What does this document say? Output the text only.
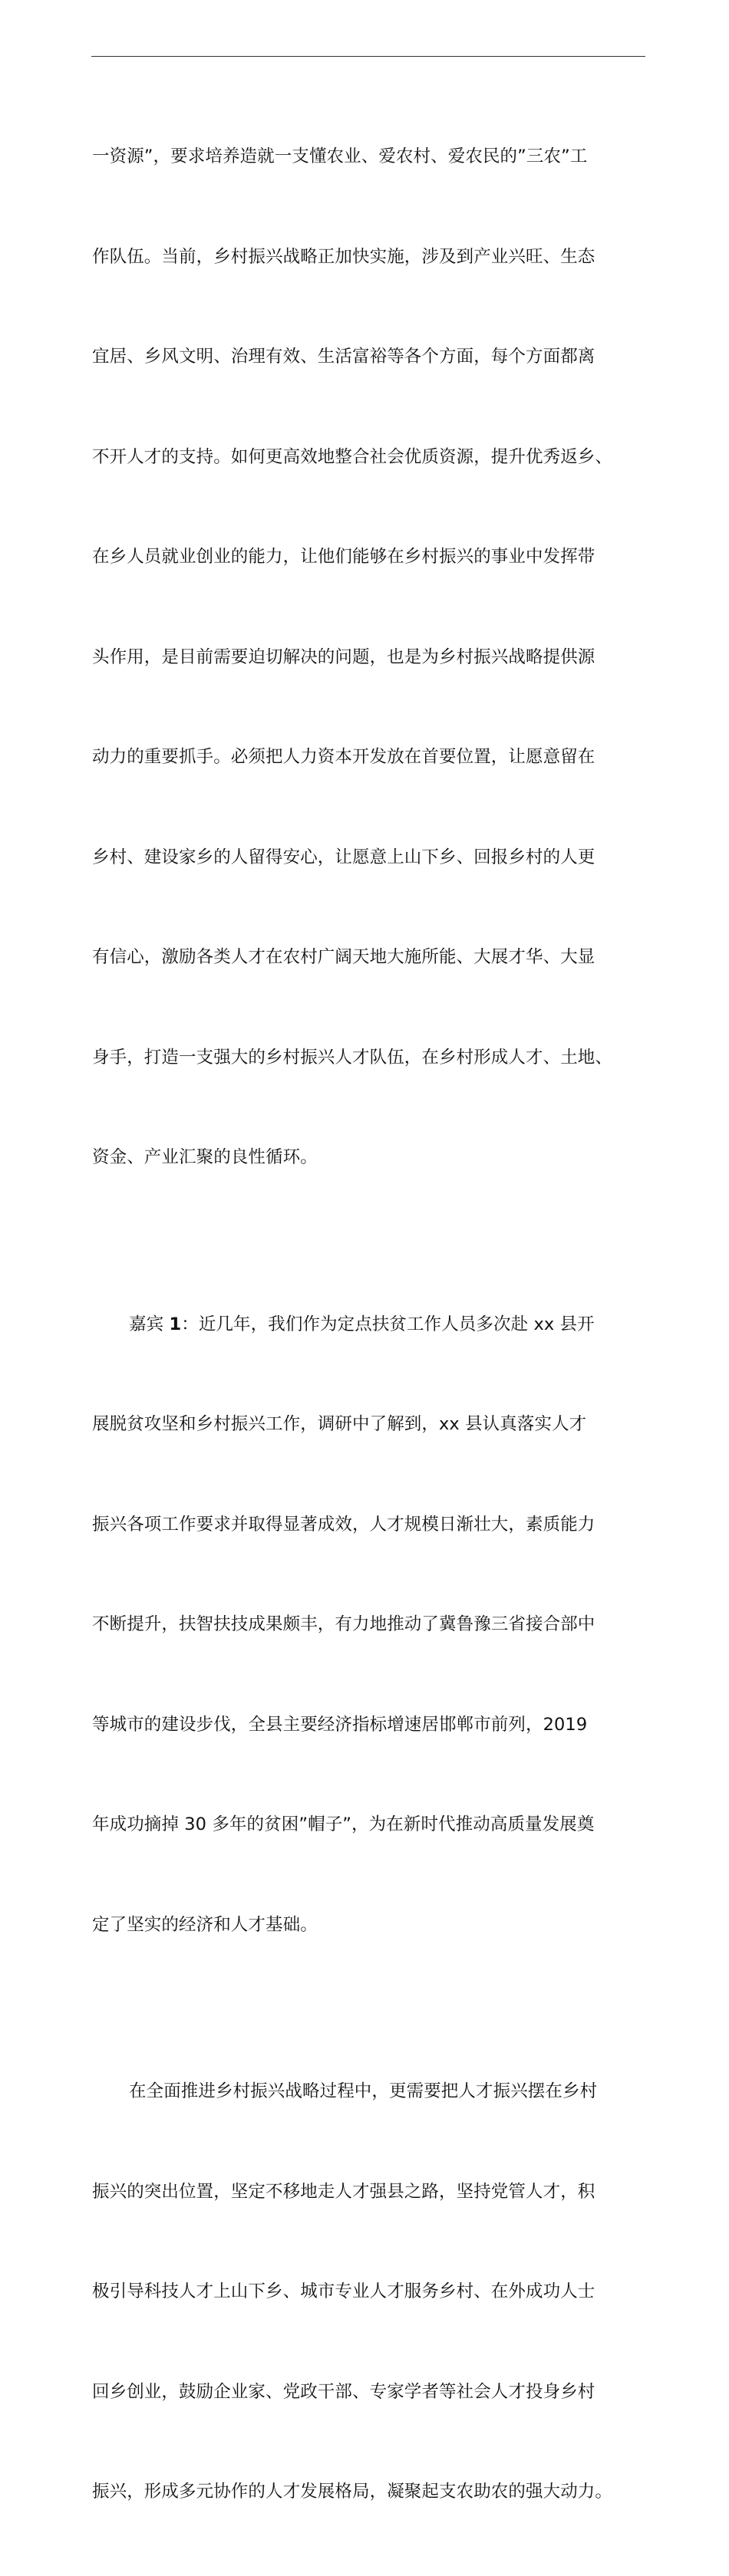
一资源”，要求培养造就一支懂农业、爱农村、爱农民的”三农”工

作队伍。当前，乡村振兴战略正加快实施，涉及到产业兴旺、生态

宜居、乡风文明、治理有效、生活富裕等各个方面，每个方面都离

不开人才的支持。如何更高效地整合社会优质资源，提升优秀返乡、

在乡人员就业创业的能力，让他们能够在乡村振兴的事业中发挥带

头作用，是目前需要迫切解决的问题，也是为乡村振兴战略提供源

动力的重要抓手。必须把人力资本开发放在首要位置，让愿意留在

乡村、建设家乡的人留得安心，让愿意上山下乡、回报乡村的人更

有信心，激励各类人才在农村广阔天地大施所能、大展才华、大显

身手，打造一支强大的乡村振兴人才队伍，在乡村形成人才、土地、

资金、产业汇聚的良性循环。

嘉宾 1：近几年，我们作为定点扶贫工作人员多次赴 xx 县开

展脱贫攻坚和乡村振兴工作，调研中了解到，xx 县认真落实人才

振兴各项工作要求并取得显著成效，人才规模日渐壮大，素质能力

不断提升，扶智扶技成果颇丰，有力地推动了冀鲁豫三省接合部中

等城市的建设步伐，全县主要经济指标增速居邯郸市前列，2019

年成功摘掉 30 多年的贫困”帽子”，为在新时代推动高质量发展奠

定了坚实的经济和人才基础。

在全面推进乡村振兴战略过程中，更需要把人才振兴摆在乡村

振兴的突出位置，坚定不移地走人才强县之路，坚持党管人才，积

极引导科技人才上山下乡、城市专业人才服务乡村、在外成功人士

回乡创业，鼓励企业家、党政干部、专家学者等社会人才投身乡村

振兴，形成多元协作的人才发展格局，凝聚起支农助农的强大动力。
